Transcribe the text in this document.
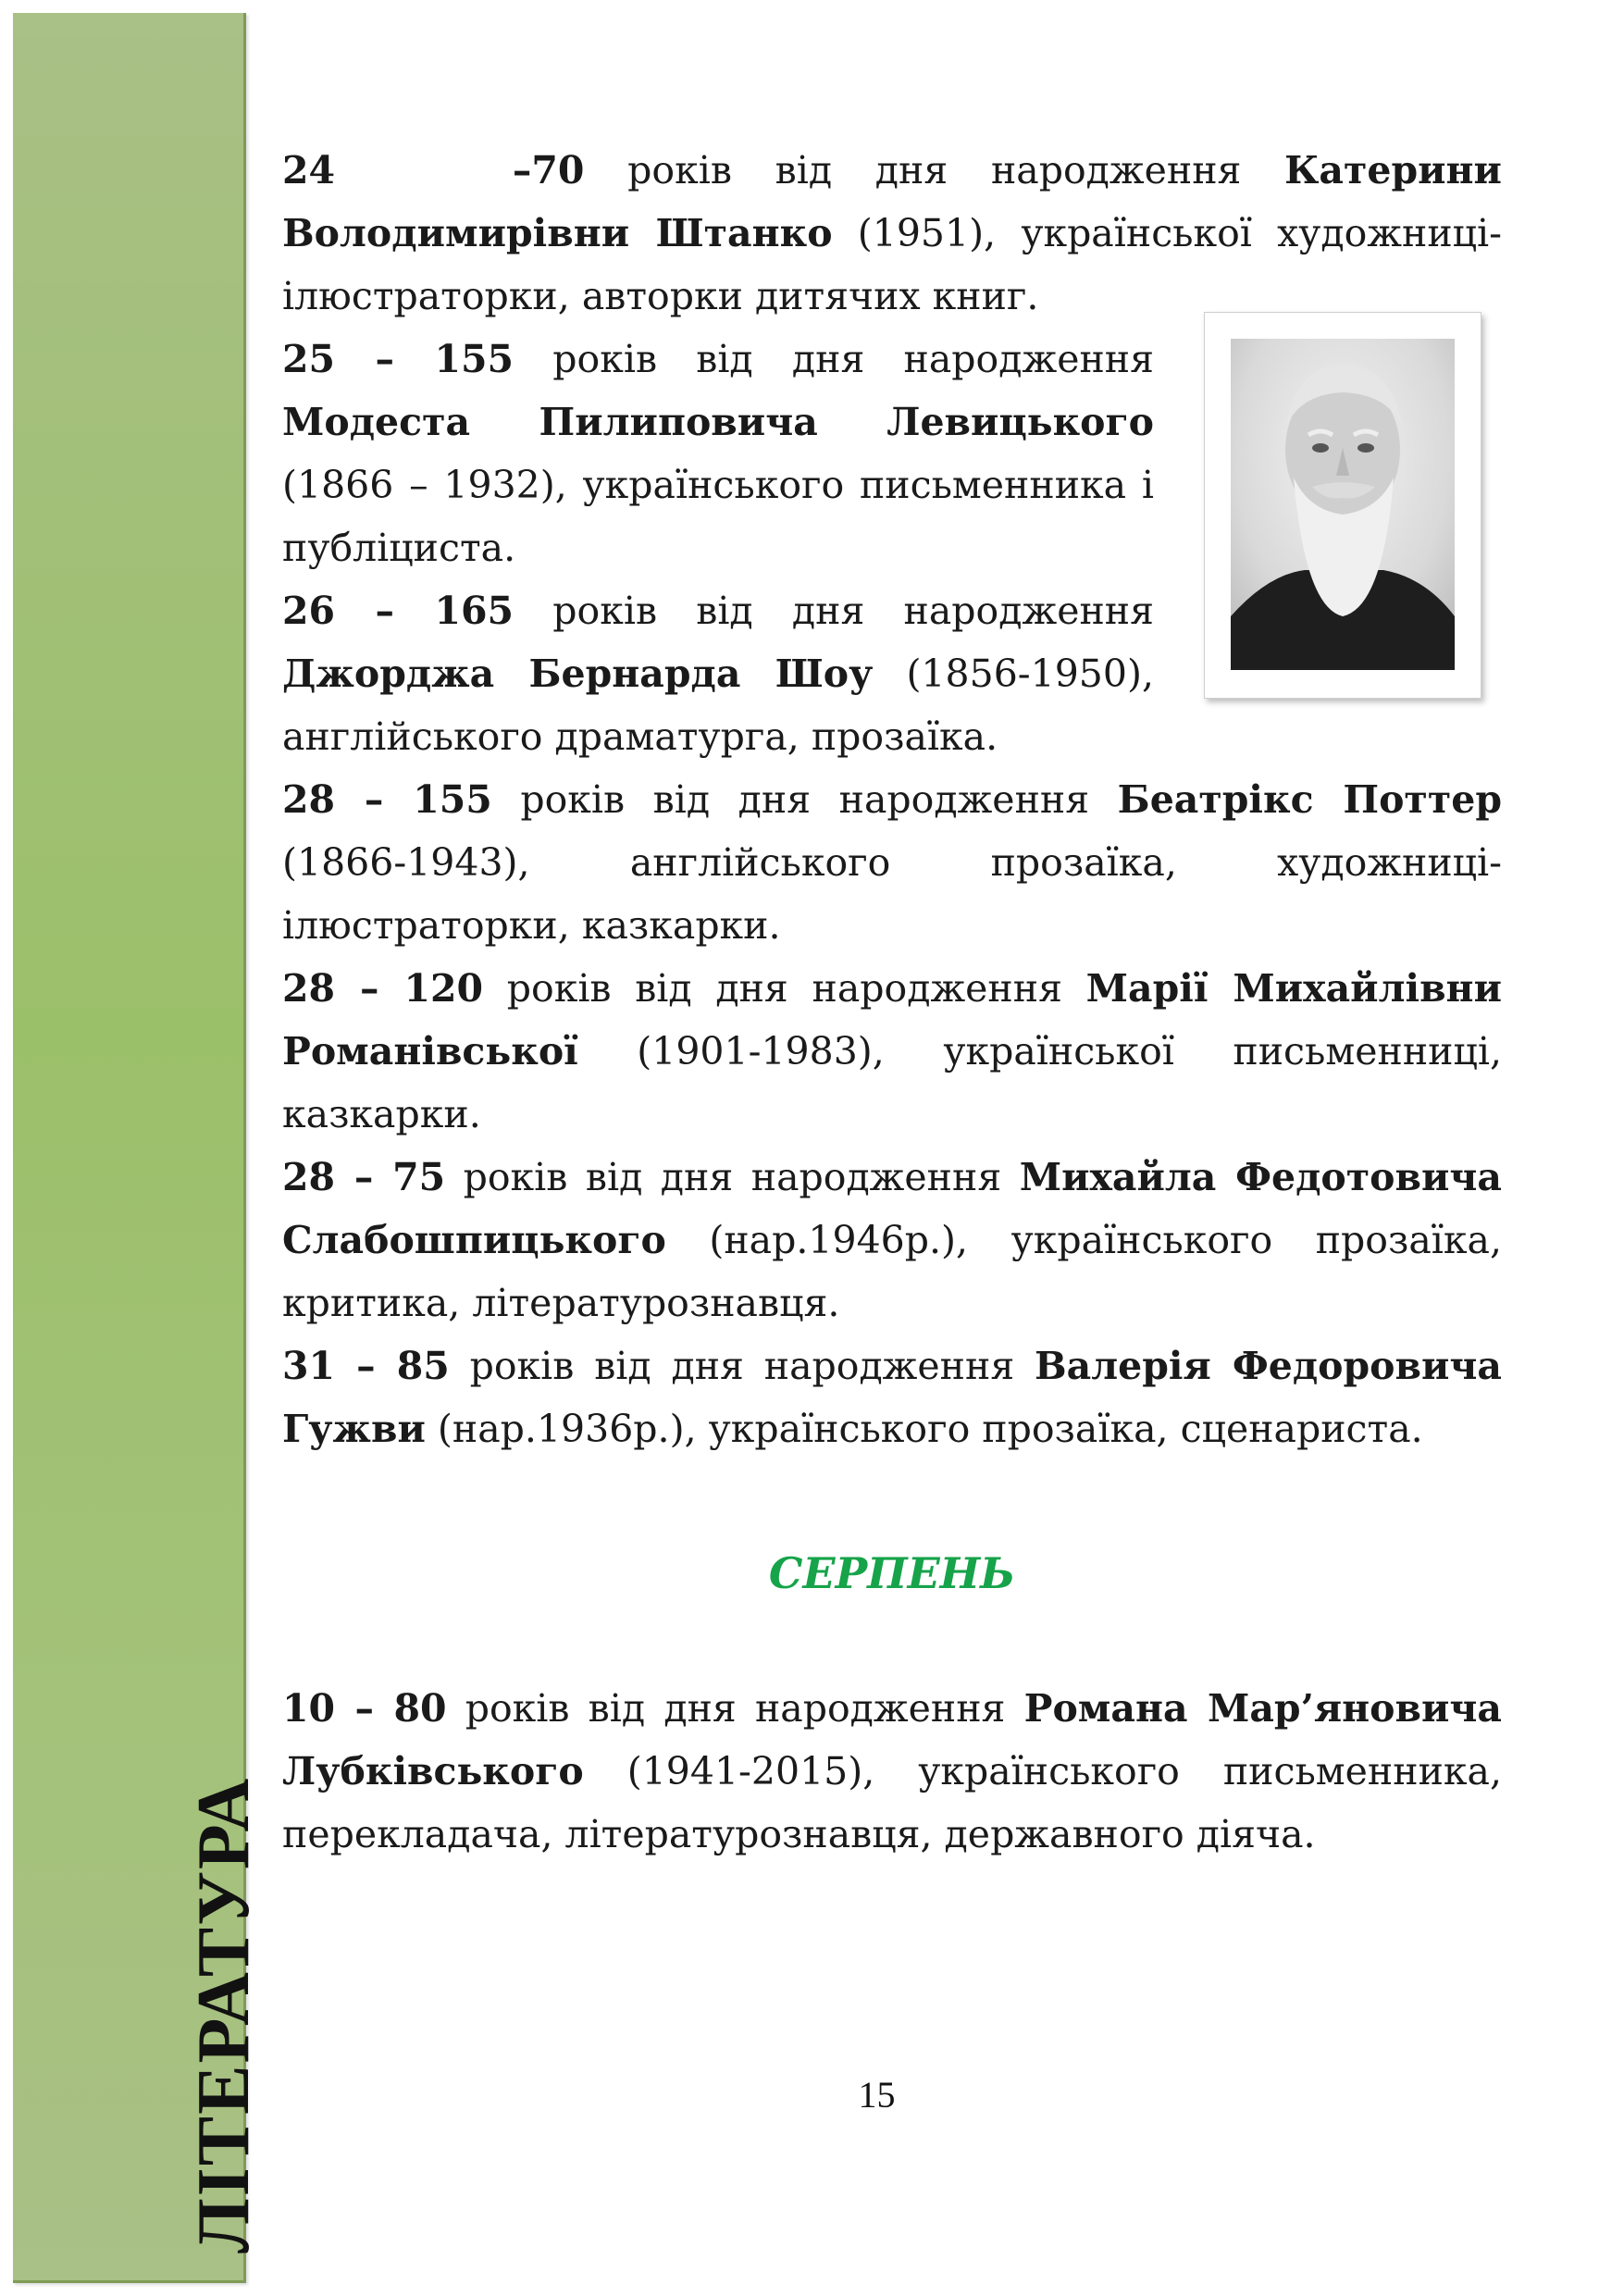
ЛІТЕРАТУРА

24	–70 років від дня народження Катерини Володимирівни Штанко (1951), української художниці-ілюстраторки, авторки дитячих книг.

25 – 155 років від дня народження Модеста Пилиповича Левицького (1866 – 1932), українського письменника і публіциста.

26 – 165 років від дня народження Джорджа Бернарда Шоу (1856-1950), англійського драматурга, прозаїка.

28 – 155 років від дня народження Беатрікс Поттер (1866-1943), англійського прозаїка, художниці-ілюстраторки, казкарки.

28 – 120 років від дня народження Марії Михайлівни Романівської (1901-1983), української письменниці, казкарки.

28 – 75 років від дня народження Михайла Федотовича Слабошпицького (нар.1946р.), українського прозаїка, критика, літературознавця.

31 – 85 років від дня народження Валерія Федоровича Гужви (нар.1936р.), українського прозаїка, сценариста.

СЕРПЕНЬ

10 – 80 років від дня народження Романа Мар’яновича Лубківського (1941-2015), українського письменника, перекладача, літературознавця, державного діяча.

15
